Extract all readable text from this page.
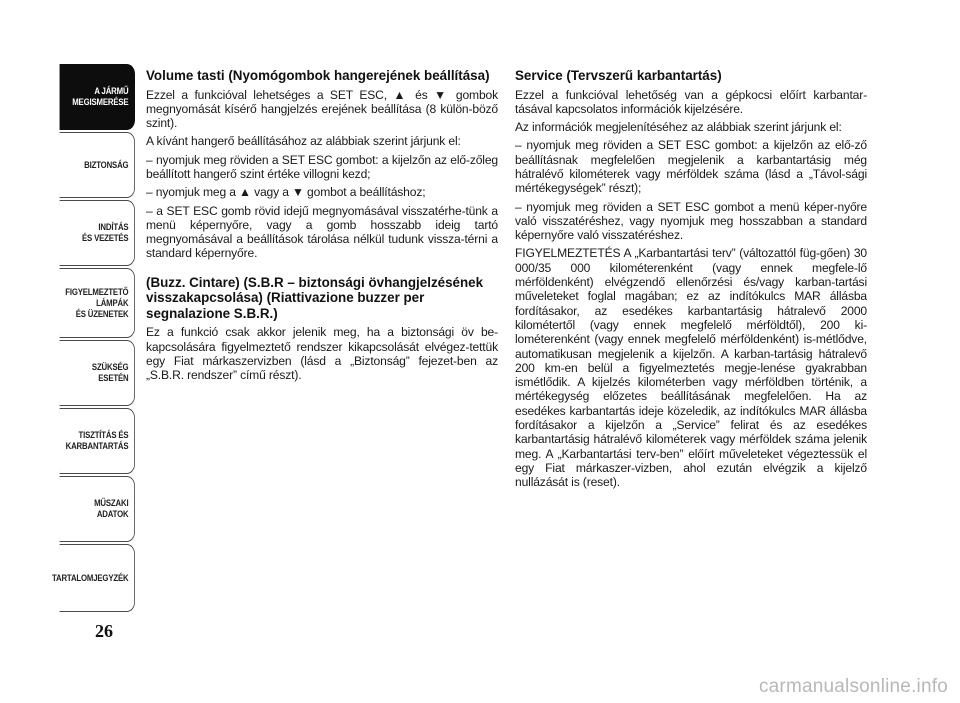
A JÁRMŰ
MEGISMERÉSE
BIZTONSÁG
INDÍTÁS
ÉS VEZETÉS
FIGYELMEZTETŐ
LÁMPÁK
ÉS ÜZENETEK
SZÜKSÉG
ESETÉN
TISZTÍTÁS ÉS
KARBANTARTÁS
MŰSZAKI
ADATOK
TARTALOMJEGYZÉK
26
Volume tasti (Nyomógombok hangerejének beállítása)

Ezzel a funkcióval lehetséges a SET ESC, ▲ és ▼ gombok megnyomását kísérő hangjelzés erejének beállítása (8 külön-böző szint).

A kívánt hangerő beállításához az alábbiak szerint járjunk el:

– nyomjuk meg röviden a SET ESC gombot: a kijelzőn az elő-zőleg beállított hangerő szint értéke villogni kezd;

– nyomjuk meg a ▲ vagy a ▼ gombot a beállításhoz;

– a SET ESC gomb rövid idejű megnyomásával visszatérhe-tünk a menü képernyőre, vagy a gomb hosszabb ideig tartó megnyomásával a beállítások tárolása nélkül tudunk vissza-térni a standard képernyőre.

(Buzz. Cintare) (S.B.R – biztonsági övhangjelzésének visszakapcsolása) (Riattivazione buzzer per segnalazione S.B.R.)

Ez a funkció csak akkor jelenik meg, ha a biztonsági öv be-kapcsolására figyelmeztető rendszer kikapcsolását elvégez-tettük egy Fiat márkaszervizben (lásd a „Biztonság” fejezet-ben az „S.B.R. rendszer” című részt).

Service (Tervszerű karbantartás)

Ezzel a funkcióval lehetőség van a gépkocsi előírt karbantar-tásával kapcsolatos információk kijelzésére.

Az információk megjelenítéséhez az alábbiak szerint járjunk el:

– nyomjuk meg röviden a SET ESC gombot: a kijelzőn az elő-ző beállításnak megfelelően megjelenik a karbantartásig még hátralévő kilométerek vagy mérföldek száma (lásd a „Távol-sági mértékegységek” részt);

– nyomjuk meg röviden a SET ESC gombot a menü képer-nyőre való visszatéréshez, vagy nyomjuk meg hosszabban a standard képernyőre való visszatéréshez.

FIGYELMEZTETÉS A „Karbantartási terv” (változattól füg-gően) 30 000/35 000 kilométerenként (vagy ennek megfele-lő mérföldenként) elvégzendő ellenőrzési és/vagy karban-tartási műveleteket foglal magában; ez az indítókulcs MAR állásba fordításakor, az esedékes karbantartásig hátralevő 2000 kilométertől (vagy ennek megfelelő mérföldtől), 200 ki-lométerenként (vagy ennek megfelelő mérföldenként) is-métlődve, automatikusan megjelenik a kijelzőn. A karban-tartásig hátralevő 200 km-en belül a figyelmeztetés megje-lenése gyakrabban ismétlődik. A kijelzés kilométerben vagy mérföldben történik, a mértékegység előzetes beállításának megfelelően. Ha az esedékes karbantartás ideje közeledik, az indítókulcs MAR állásba fordításakor a kijelzőn a „Service” felirat és az esedékes karbantartásig hátralévő kilométerek vagy mérföldek száma jelenik meg. A „Karbantartási terv-ben” előírt műveleteket végeztessük el egy Fiat márkaszer-vizben, ahol ezután elvégzik a kijelző nullázását is (reset).

carmanualsonline.info
